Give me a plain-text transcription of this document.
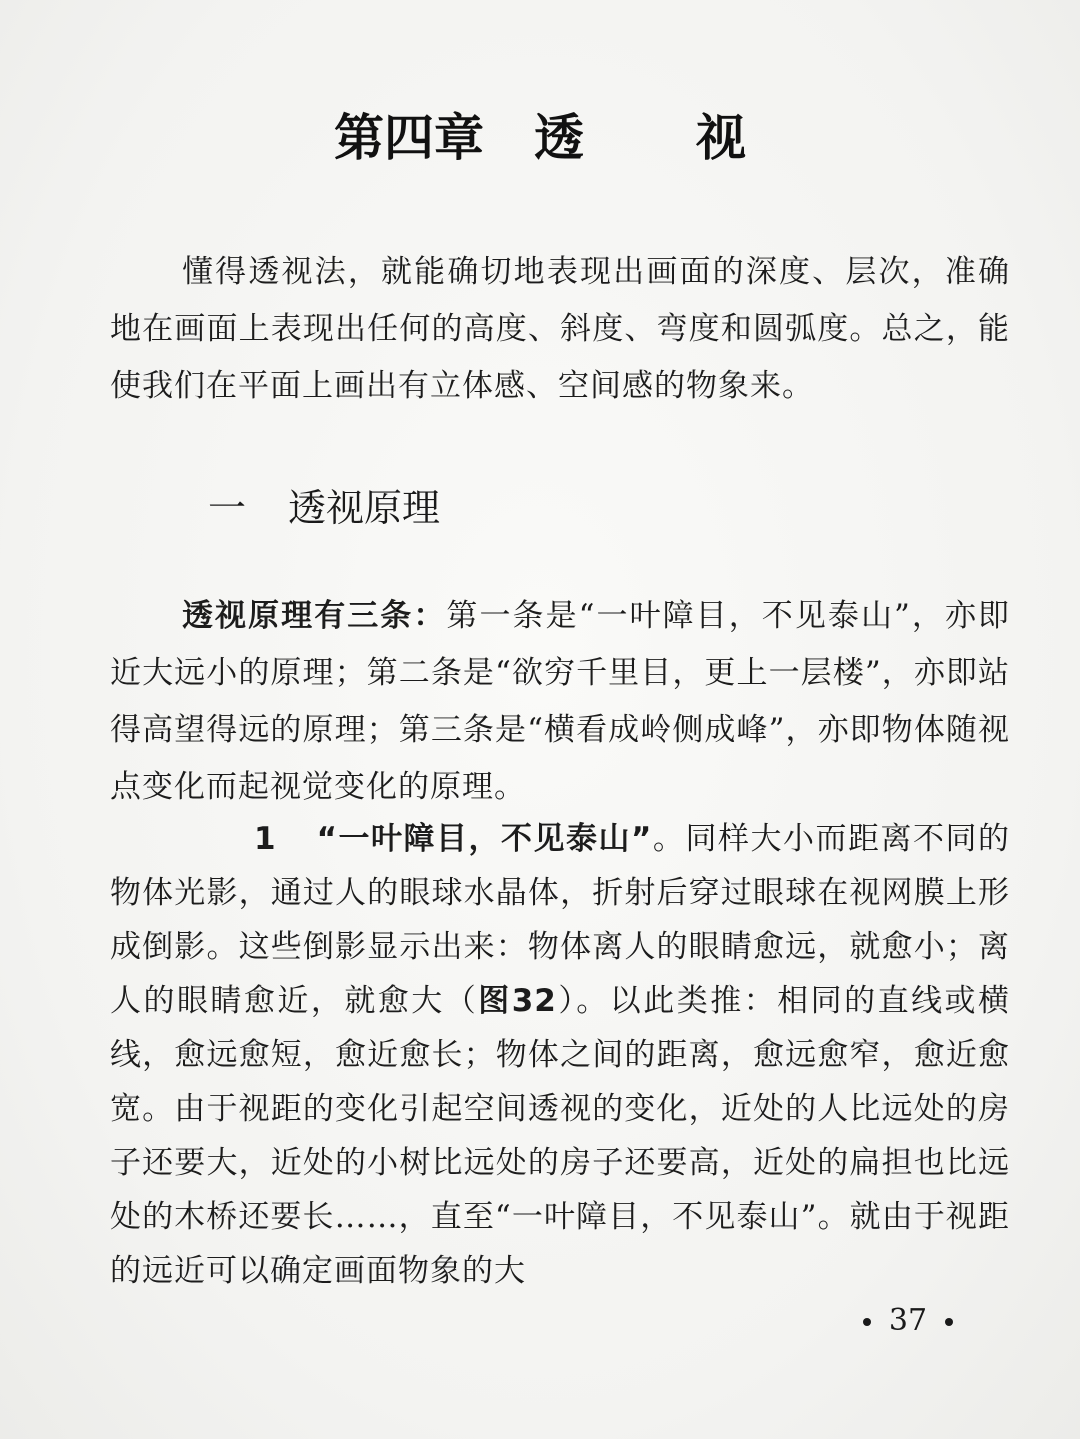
第四章 透 视

懂得透视法，就能确切地表现出画面的深度、层次，准确地在画面上表现出任何的高度、斜度、弯度和圆弧度。总之，能使我们在平面上画出有立体感、空间感的物象来。

一 透视原理

透视原理有三条：第一条是“一叶障目，不见泰山”，亦即近大远小的原理；第二条是“欲穷千里目，更上一层楼”，亦即站得高望得远的原理；第三条是“横看成岭侧成峰”，亦即物体随视点变化而起视觉变化的原理。

1 “一叶障目，不见泰山”。同样大小而距离不同的物体光影，通过人的眼球水晶体，折射后穿过眼球在视网膜上形成倒影。这些倒影显示出来：物体离人的眼睛愈远，就愈小；离人的眼睛愈近，就愈大（图32）。以此类推：相同的直线或横线，愈远愈短，愈近愈长；物体之间的距离，愈远愈窄，愈近愈宽。由于视距的变化引起空间透视的变化，近处的人比远处的房子还要大，近处的小树比远处的房子还要高，近处的扁担也比远处的木桥还要长……，直至“一叶障目，不见泰山”。就由于视距的远近可以确定画面物象的大

37
